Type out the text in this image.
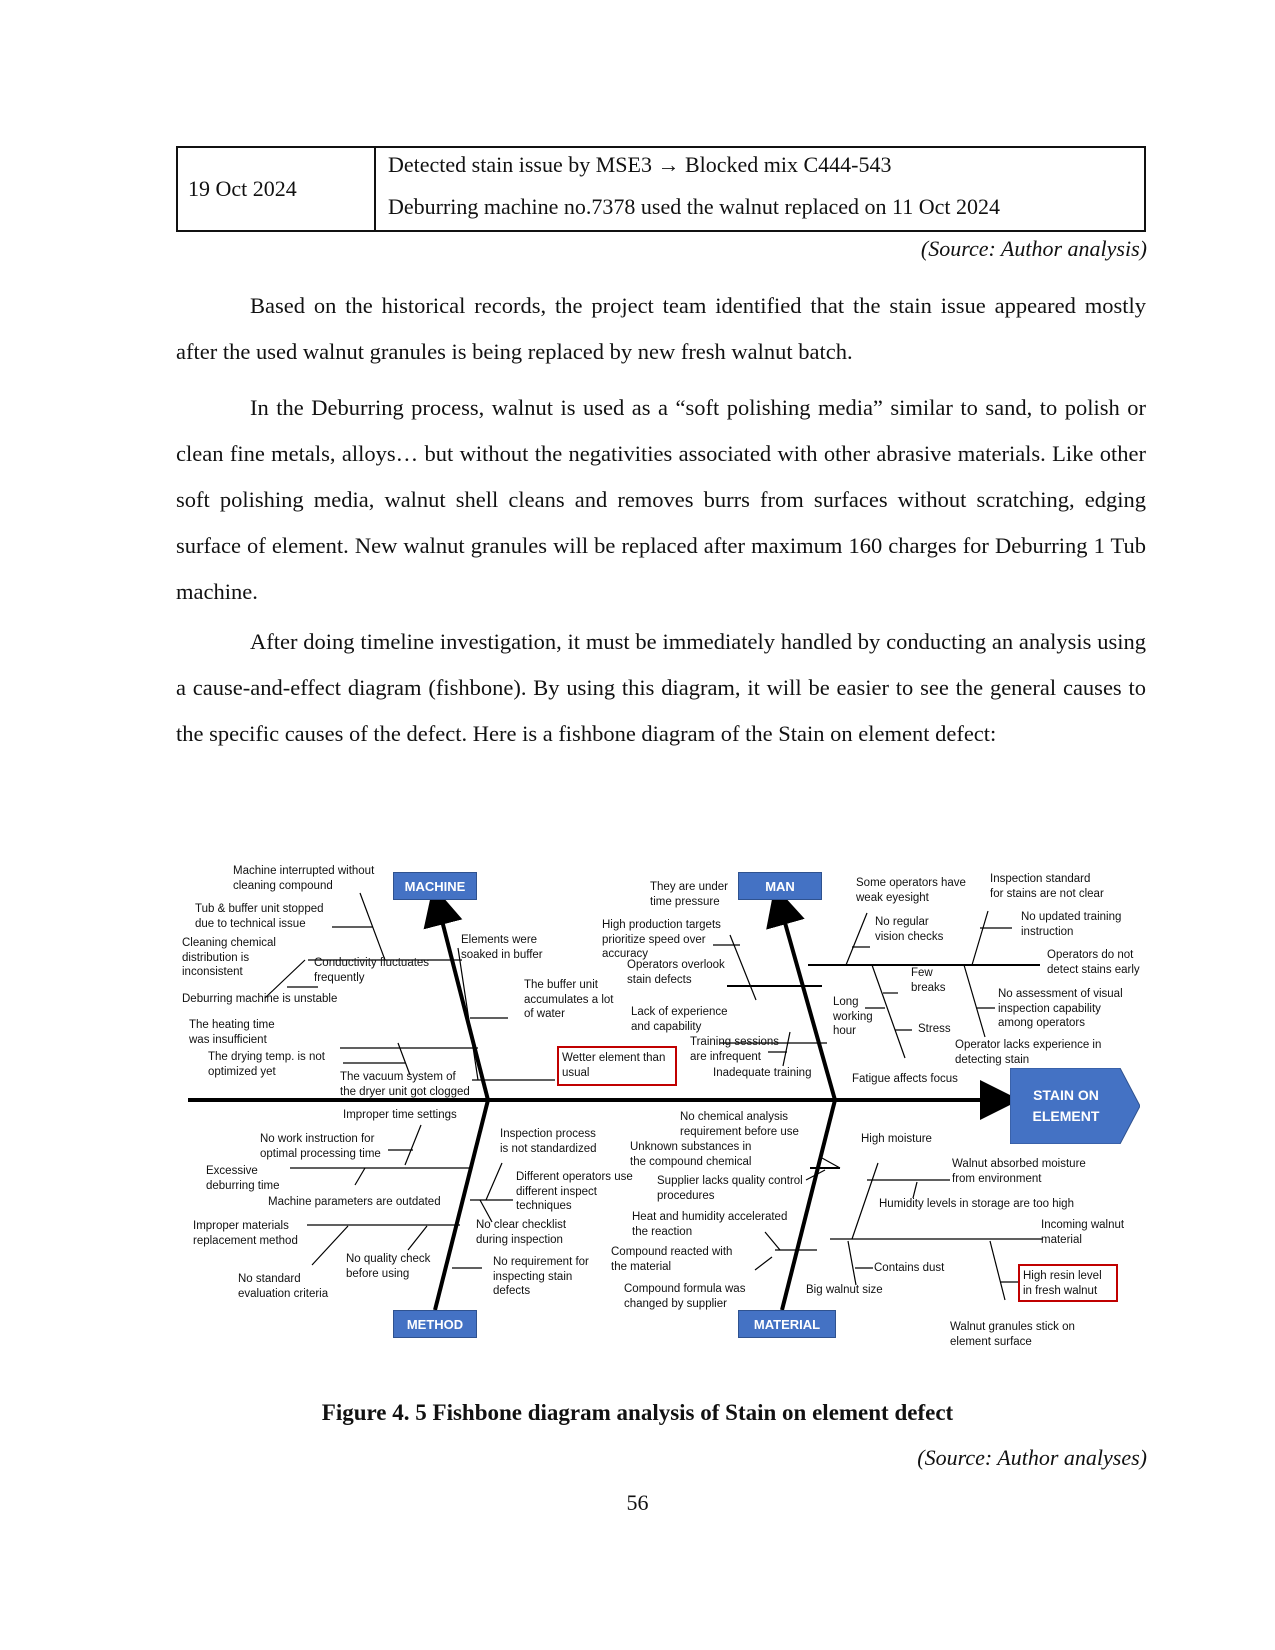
19 Oct 2024
Detected stain issue by MSE3 → Blocked mix C444-543
Deburring machine no.7378 used the walnut replaced on 11 Oct 2024
(Source: Author analysis)

Based on the historical records, the project team identified that the stain issue appeared mostly after the used walnut granules is being replaced by new fresh walnut batch.

In the Deburring process, walnut is used as a “soft polishing media” similar to sand, to polish or clean fine metals, alloys… but without the negativities associated with other abrasive materials. Like other soft polishing media, walnut shell cleans and removes burrs from surfaces without scratching, edging surface of element. New walnut granules will be replaced after maximum 160 charges for Deburring 1 Tub machine.

After doing timeline investigation, it must be immediately handled by conducting an analysis using a cause-and-effect diagram (fishbone). By using this diagram, it will be easier to see the general causes to the specific causes of the defect. Here is a fishbone diagram of the Stain on element defect:

MACHINE	MAN
METHOD	MATERIAL
STAIN ON ELEMENT
Machine interrupted without
cleaning compound
Tub & buffer unit stopped
due to technical issue
Cleaning chemical
distribution is
inconsistent
Conductivity fluctuates
frequently
Deburring machine is unstable
Elements were
soaked in buffer
The buffer unit
accumulates a lot
of water
The heating time
was insufficient
The drying temp. is not
optimized yet	The vacuum system of
the dryer unit got clogged
Wetter element than
usual
They are under
time pressure
High production targets
prioritize speed over
accuracy
Operators overlook
stain defects
Lack of experience
and capability
Training sessions
are infrequent
Inadequate training
Some operators have
weak eyesight
No regular
vision checks
Few
breaks
Long
working
hour	Stress
Fatigue affects focus
Inspection standard
for stains are not clear
No updated training
instruction
Operators do not
detect stains early
No assessment of visual
inspection capability
among operators
Operator lacks experience in
detecting stain
Improper time settings
No work instruction for
optimal processing time
Excessive
deburring time
Machine parameters are outdated
Improper materials
replacement method
No quality check
before using
No standard
evaluation criteria
Inspection process
is not standardized
Different operators use
different inspect
techniques
No clear checklist
during inspection
No requirement for
inspecting stain
defects
No chemical analysis
requirement before use
Unknown substances in
the compound chemical
Supplier lacks quality control
procedures
Heat and humidity accelerated
the reaction
Compound reacted with
the material
Compound formula was
changed by supplier
High moisture
Walnut absorbed moisture
from environment
Humidity levels in storage are too high
Incoming walnut
material
Contains dust
Big walnut size
Walnut granules stick on
element surface
High resin level
in fresh walnut
Figure 4. 5 Fishbone diagram analysis of Stain on element defect
(Source: Author analyses)
56
